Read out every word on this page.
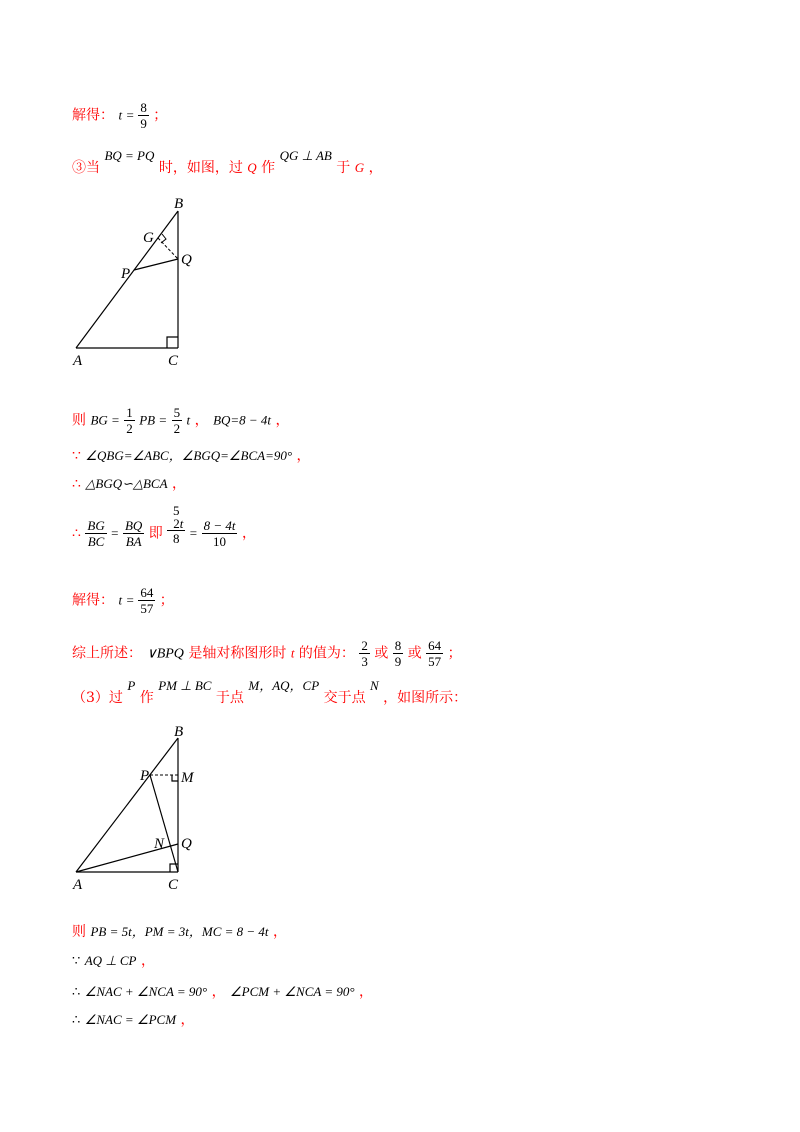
解得： $t = \frac{8}{9}$ ；
③当 BQ = PQ 时，如图，过 Q 作 QG ⊥ AB 于 G ，
B
G
P
Q
A	C
则 BG = $\frac{1}{2}$ PB = $\frac{5}{2}$ t ， BQ=8 − 4t ，
∵ ∠QBG=∠ABC，∠BGQ=∠BCA=90° ，
∴ △BGQ∽△BCA ，
∴ $\frac{BG}{BC} = \frac{BQ}{BA}$ 即
5

2t
$8 = \frac{8 - 4t}{10}$ ，
解得： $t = \frac{64}{57}$ ；
综上所述： ∨BPQ 是轴对称图形时 t 的值为： $\frac{2}{3}$ 或 $\frac{8}{9}$ 或 $\frac{64}{57}$ ；
（3）过 P 作 PM ⊥ BC 于点 M，AQ，CP 交于点 N ，如图所示：
B
P M
N Q
A	C
则 PB = 5t，PM = 3t，MC = 8 − 4t ，
∵ AQ ⊥ CP ，
∴ ∠NAC + ∠NCA = 90° ， ∠PCM + ∠NCA = 90° ，
∴ ∠NAC = ∠PCM ，
